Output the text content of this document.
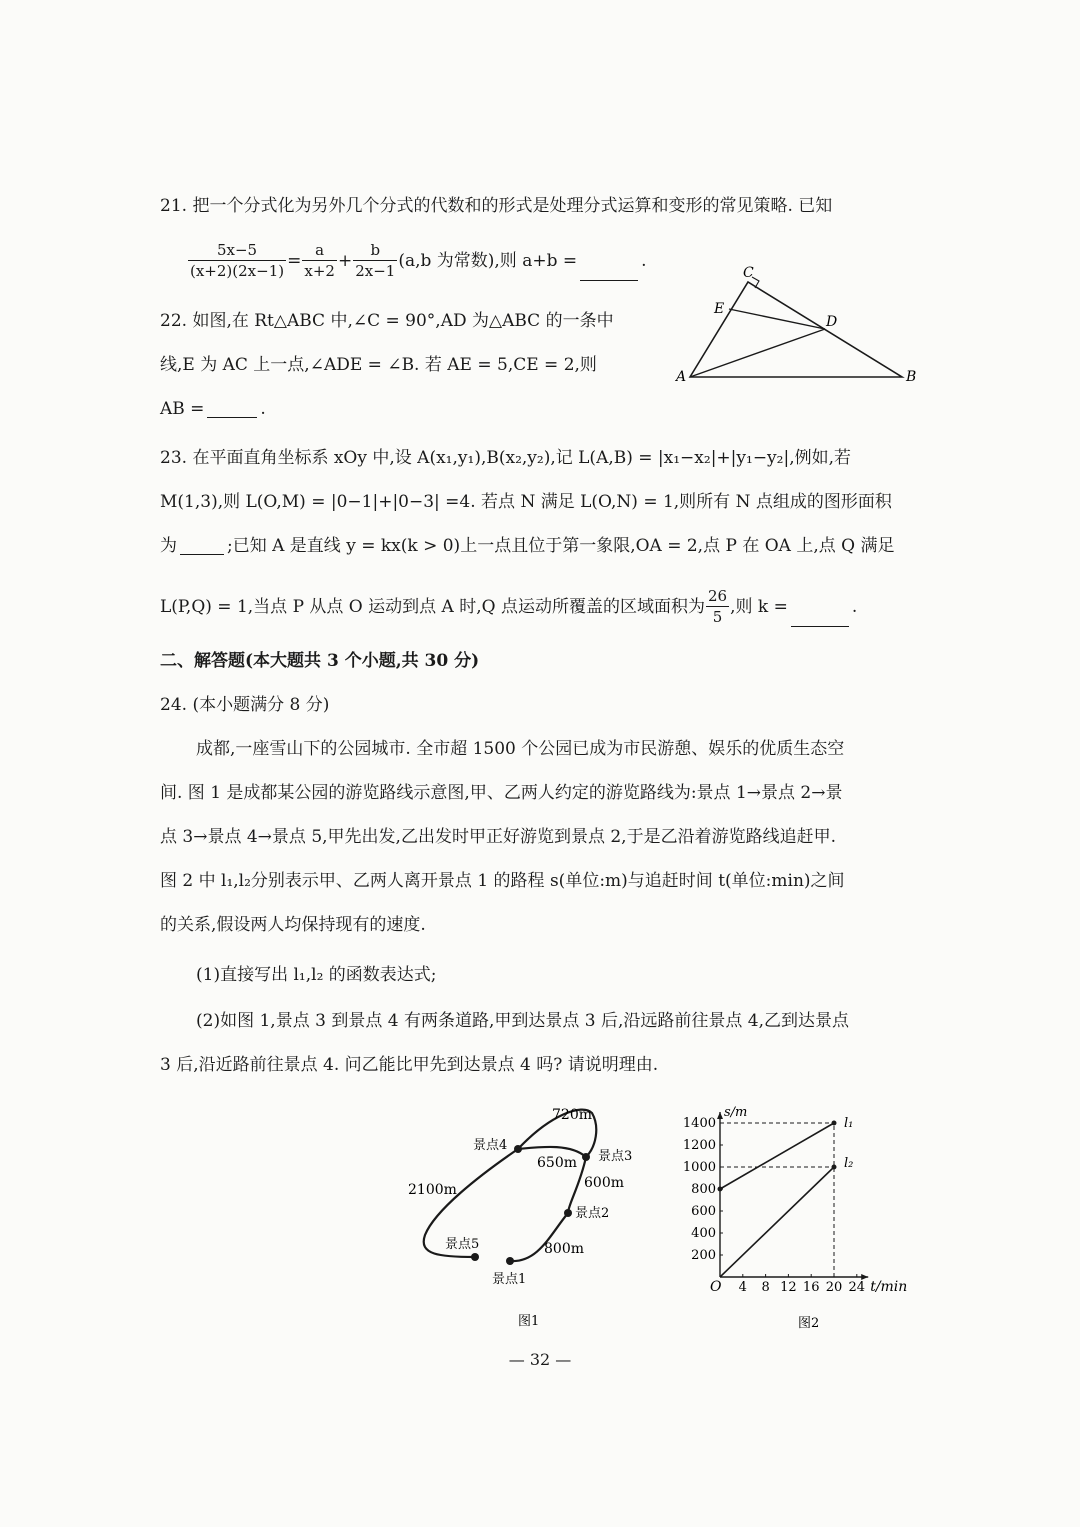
21. 把一个分式化为另外几个分式的代数和的形式是处理分式运算和变形的常见策略. 已知
$\frac{5x-5}{(x+2)(2x-1)} = \frac{a}{x+2} + \frac{b}{2x-1} (a,b$ 为常数),则 a+b =	.
22. 如图,在 Rt△ABC 中,∠C = 90°,AD 为△ABC 的一条中
线,E 为 AC 上一点,∠ADE = ∠B. 若 AE = 5,CE = 2,则
AB =	.
C
E
D
A	B
23. 在平面直角坐标系 xOy 中,设 A(x₁,y₁),B(x₂,y₂),记 L(A,B) = |x₁−x₂|+|y₁−y₂|,例如,若
M(1,3),则 L(O,M) = |0−1|+|0−3| =4. 若点 N 满足 L(O,N) = 1,则所有 N 点组成的图形面积
为	;已知 A 是直线 y = kx(k > 0)上一点且位于第一象限,OA = 2,点 P 在 OA 上,点 Q 满足
L(P,Q) = 1,当点 P 从点 O 运动到点 A 时,Q 点运动所覆盖的区域面积为 $\frac{26}{5}$ ,则 k =	.
二、解答题(本大题共 3 个小题,共 30 分)
24. (本小题满分 8 分)
成都,一座雪山下的公园城市. 全市超 1500 个公园已成为市民游憩、娱乐的优质生态空
间. 图 1 是成都某公园的游览路线示意图,甲、乙两人约定的游览路线为:景点 1→景点 2→景
点 3→景点 4→景点 5,甲先出发,乙出发时甲正好游览到景点 2,于是乙沿着游览路线追赶甲.
图 2 中 l₁,l₂分别表示甲、乙两人离开景点 1 的路程 s(单位:m)与追赶时间 t(单位:min)之间
的关系,假设两人均保持现有的速度.
(1)直接写出 l₁,l₂ 的函数表达式;
(2)如图 1,景点 3 到景点 4 有两条道路,甲到达景点 3 后,沿远路前往景点 4,乙到达景点
3 后,沿近路前往景点 4. 问乙能比甲先到达景点 4 吗? 请说明理由.
720m
650m
600m
2100m
800m
景点4
景点3
景点2
景点1
景点5
图1
O	t/min
s/m
4 8 12 16 20 24
200
400
600
800
1000
1200
1400	l₁
l₂
图2
— 32 —
